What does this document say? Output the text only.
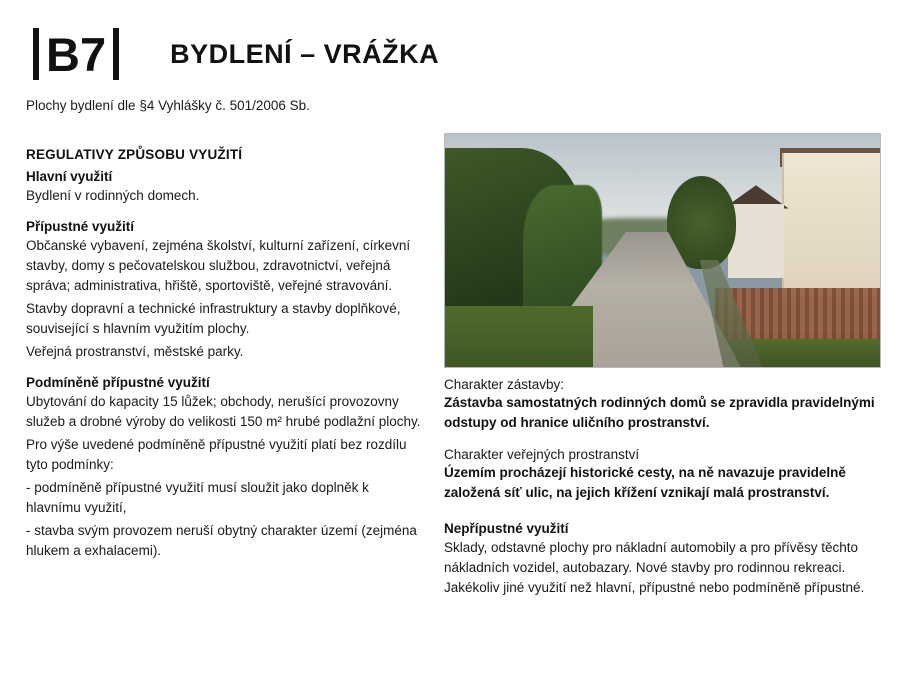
B7	BYDLENÍ – VRÁŽKA
Plochy bydlení dle §4 Vyhlášky č. 501/2006 Sb.
REGULATIVY ZPŮSOBU VYUŽITÍ
Hlavní využití

Bydlení v rodinných domech.

Přípustné využití

Občanské vybavení, zejména školství, kulturní zařízení, církevní stavby, domy s pečovatelskou službou, zdravotnictví, veřejná správa; administrativa, hřiště, sportoviště, veřejné stravování.

Stavby dopravní a technické infrastruktury a stavby doplňkové, související s hlavním využitím plochy.

Veřejná prostranství, městské parky.

Podmíněně přípustné využití

Ubytování do kapacity 15 lůžek; obchody, nerušící provozovny služeb a drobné výroby do velikosti 150 m² hrubé podlažní plochy.

Pro výše uvedené podmíněně přípustné využití platí bez rozdílu tyto podmínky:

- podmíněně přípustné využití musí sloužit jako doplněk k hlavnímu využití,

- stavba svým provozem neruší obytný charakter území (zejména hlukem a exhalacemi).

Charakter zástavby:

Zástavba samostatných rodinných domů se zpravidla pravidelnými odstupy od hranice uličního prostranství.

Charakter veřejných prostranství

Územím procházejí historické cesty, na ně navazuje pravidelně založená síť ulic, na jejich křížení vznikají malá prostranství.

Nepřípustné využití

Sklady, odstavné plochy pro nákladní automobily a pro přívěsy těchto nákladních vozidel, autobazary. Nové stavby pro rodinnou rekreaci. Jakékoliv jiné využití než hlavní, přípustné nebo podmíněně přípustné.
